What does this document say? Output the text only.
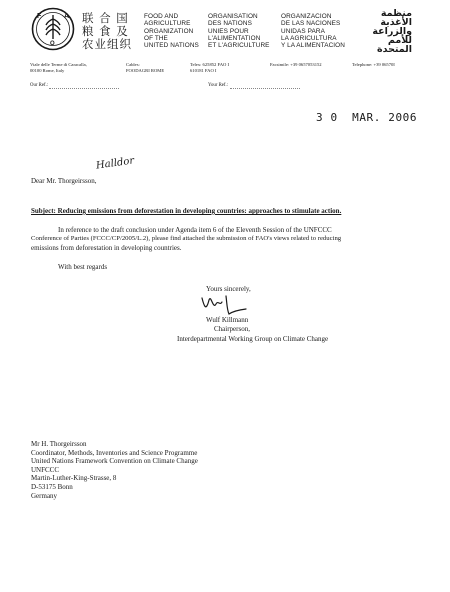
F	A
O
联 合 国
粮 食 及
农业组织
FOOD AND
AGRICULTURE
ORGANIZATION
OF THE
UNITED NATIONS
ORGANISATION
DES NATIONS
UNIES POUR
L'ALIMENTATION
ET L'AGRICULTURE
ORGANIZACION
DE LAS NACIONES
UNIDAS PARA
LA AGRICULTURA
Y LA ALIMENTACION
منظمة
الأغذية
والزراعة
للأمم
المتحدة
Viale delle Terme di Caracalla,
00100 Rome, Italy
Cables:
FOODAGRI ROME
Telex: 625852 FAO I
610181 FAO I
Facsimile: +39 0657053152	Telephone: +39 06570I
Our Ref.:	Your Ref.:
3 0  MAR. 2006
Halldor
Dear Mr. Thorgeirsson,
Subject: Reducing emissions from deforestation in developing countries: approaches to stimulate action.
In reference to the draft conclusion under Agenda item 6 of the Eleventh Session of the UNFCCC
Conference of Parties (FCCC/CP/2005/L.2), please find attached the submission of FAO's views related to reducing
emissions from deforestation in developing countries.
With best regards
Yours sincerely,
Wulf Killmann
Chairperson,
Interdepartmental Working Group on Climate Change
Mr H. Thorgeirsson
Coordinator, Methods, Inventories and Science Programme
United Nations Framework Convention on Climate Change
UNFCCC
Martin-Luther-King-Strasse, 8
D-53175 Bonn
Germany
